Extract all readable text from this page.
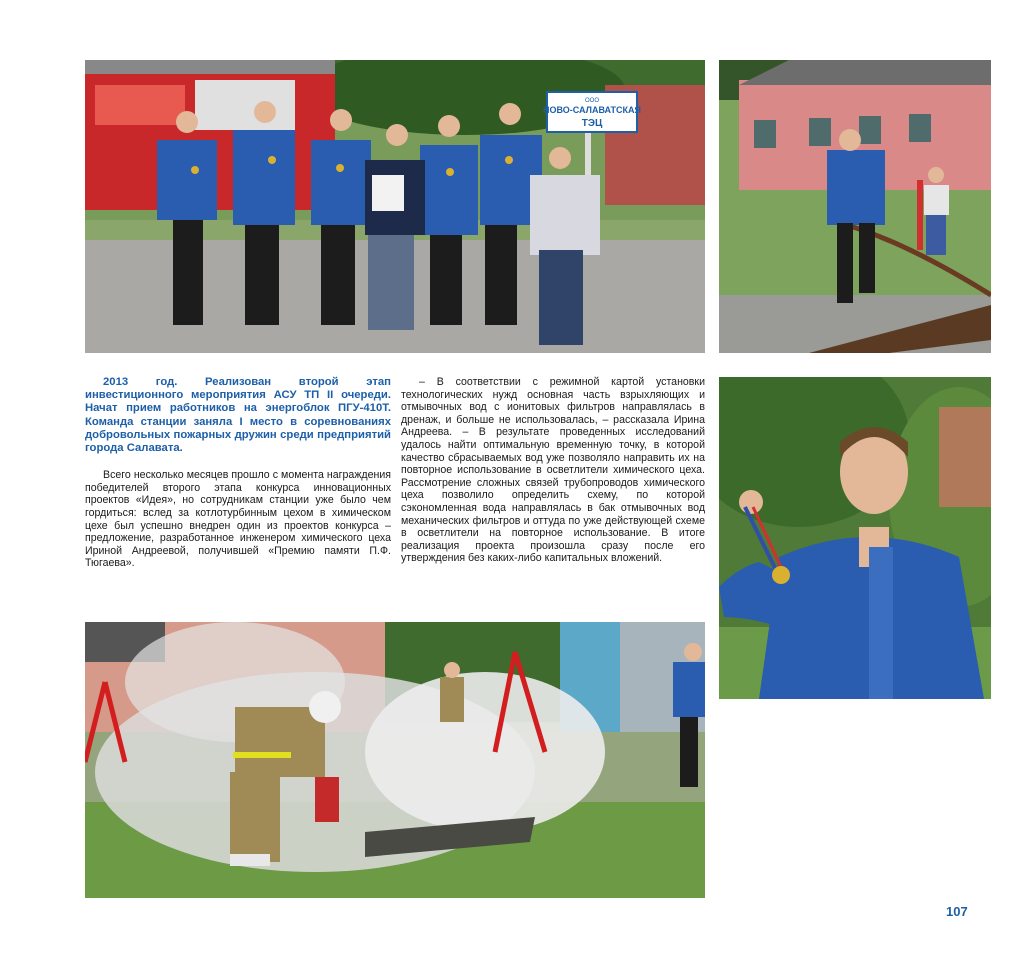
ООО
НОВО-САЛАВАТСКАЯ
ТЭЦ

2013 год. Реализован второй этап инвестиционного мероприятия АСУ ТП II очереди. Начат прием работников на энергоблок ПГУ-410Т. Команда станции заняла I место в соревнованиях добровольных пожарных дружин среди предприятий города Салавата.

Всего несколько месяцев прошло с момента награждения победителей второго этапа конкурса инновационных проектов «Идея», но сотрудникам станции уже было чем гордиться: вслед за котлотурбинным цехом в химическом цехе был успешно внедрен один из проектов конкурса – предложение, разработанное инженером химического цеха Ириной Андреевой, получившей «Премию памяти П.Ф. Тюгаева».

– В соответствии с режимной картой установки технологических нужд основная часть взрыхляющих и отмывочных вод с ионитовых фильтров направлялась в дренаж, и больше не использовалась, – рассказала Ирина Андреева. – В результате проведенных исследований удалось найти оптимальную временную точку, в которой качество сбрасываемых вод уже позволяло направить их на повторное использование в осветлители химического цеха. Рассмотрение сложных связей трубопроводов химического цеха позволило определить схему, по которой сэкономленная вода направлялась в бак отмывочных вод механических фильтров и оттуда по уже действующей схеме в осветлители на повторное использование. В итоге реализация проекта произошла сразу после его утверждения без каких-либо капитальных вложений.

107
